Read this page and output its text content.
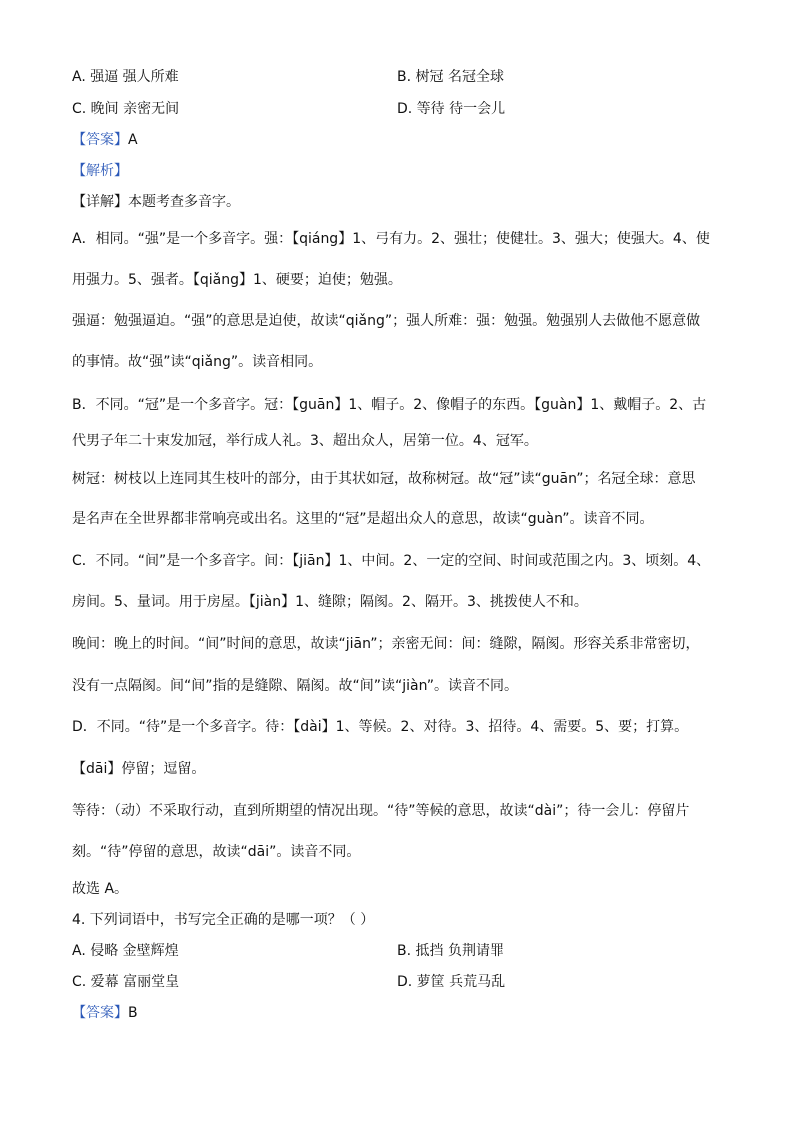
A. 强逼 强人所难	B. 树冠 名冠全球
C. 晚间 亲密无间	D. 等待 待一会儿
【答案】A
【解析】
【详解】本题考查多音字。
A．相同。“强”是一个多音字。强：【qiáng】1、弓有力。2、强壮；使健壮。3、强大；使强大。4、使
用强力。5、强者。【qiǎng】1、硬要；迫使；勉强。
强逼：勉强逼迫。“强”的意思是迫使，故读“qiǎng”；强人所难：强：勉强。勉强别人去做他不愿意做
的事情。故“强”读“qiǎng”。读音相同。
B．不同。“冠”是一个多音字。冠：【guān】1、帽子。2、像帽子的东西。【guàn】1、戴帽子。2、古
代男子年二十束发加冠，举行成人礼。3、超出众人，居第一位。4、冠军。
树冠：树枝以上连同其生枝叶的部分，由于其状如冠，故称树冠。故“冠”读“guān”；名冠全球：意思
是名声在全世界都非常响亮或出名。这里的“冠”是超出众人的意思，故读“guàn”。读音不同。
C．不同。“间”是一个多音字。间：【jiān】1、中间。2、一定的空间、时间或范围之内。3、顷刻。4、
房间。5、量词。用于房屋。【jiàn】1、缝隙；隔阂。2、隔开。3、挑拨使人不和。
晚间：晚上的时间。“间”时间的意思，故读“jiān”；亲密无间：间：缝隙，隔阂。形容关系非常密切，
没有一点隔阂。间“间”指的是缝隙、隔阂。故“间”读“jiàn”。读音不同。
D．不同。“待”是一个多音字。待：【dài】1、等候。2、对待。3、招待。4、需要。5、要；打算。
【dāi】停留；逗留。
等待：（动）不采取行动，直到所期望的情况出现。“待”等候的意思，故读“dài”；待一会儿：停留片
刻。“待”停留的意思，故读“dāi”。读音不同。
故选 A。
4. 下列词语中，书写完全正确的是哪一项？（ ）
A. 侵略 金壁辉煌	B. 抵挡 负荆请罪
C. 爱幕 富丽堂皇	D. 萝筐 兵荒马乱
【答案】B
